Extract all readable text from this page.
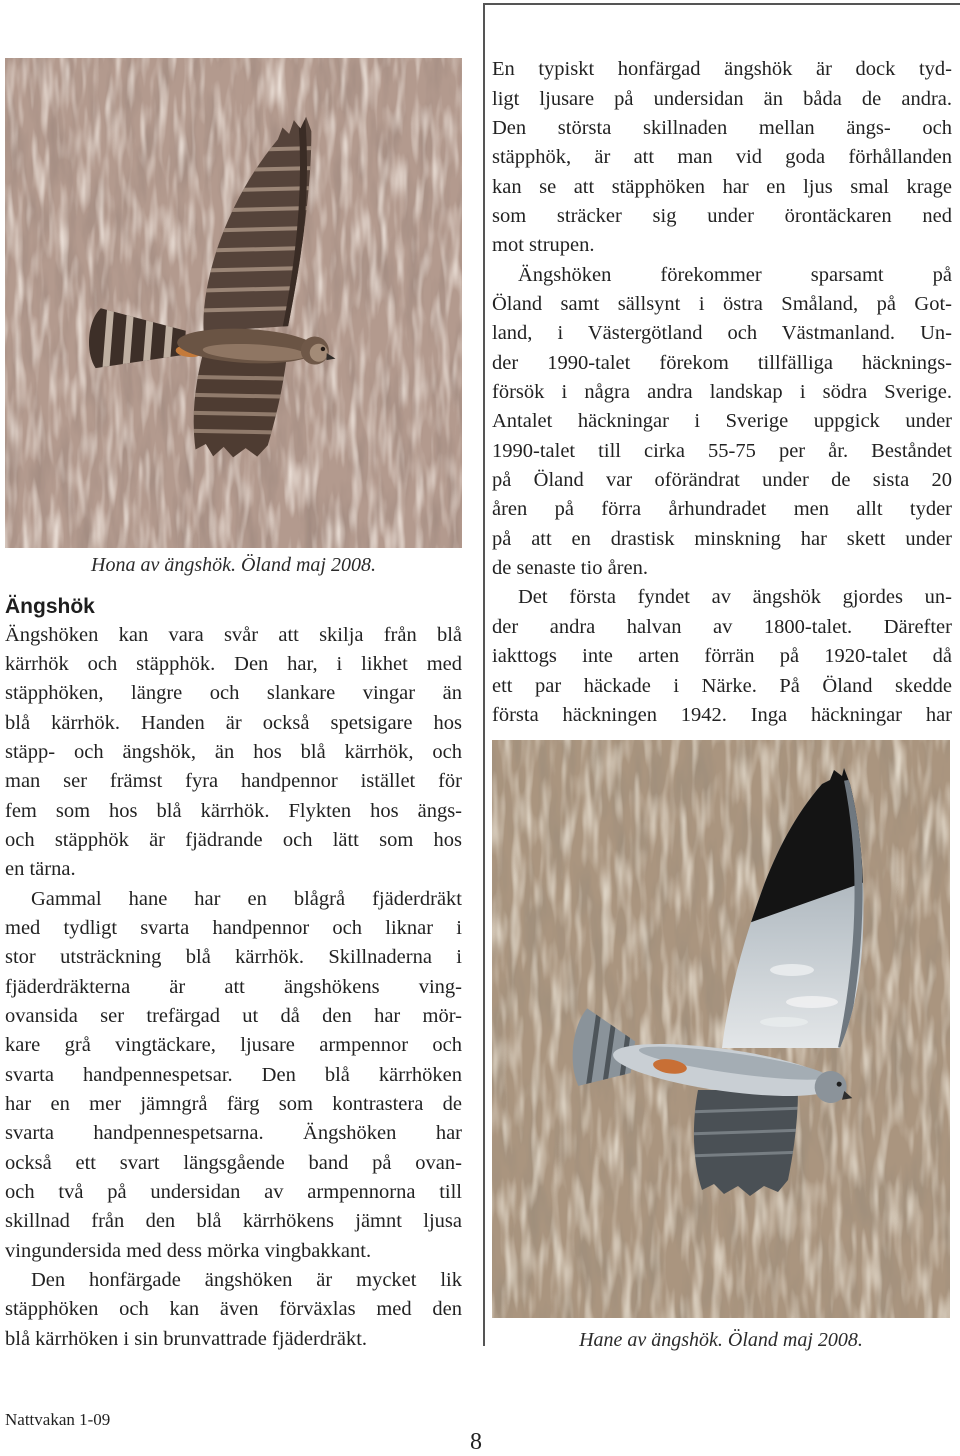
Hona av ängshök. Öland maj 2008.
Ängshök
Ängshöken kan vara svår att skilja från blå
kärrhök och stäpphök. Den har, i likhet med
stäpphöken, längre och slankare vingar än
blå kärrhök. Handen är också spetsigare hos
stäpp- och ängshök, än hos blå kärrhök, och
man ser främst fyra handpennor istället för
fem som hos blå kärrhök. Flykten hos ängs-
och stäpphök är fjädrande och lätt som hos
en tärna.
Gammal hane har en blågrå fjäderdräkt
med tydligt svarta handpennor och liknar i
stor utsträckning blå kärrhök. Skillnaderna i
fjäderdräkterna är att ängshökens ving-
ovansida ser trefärgad ut då den har mör-
kare grå vingtäckare, ljusare armpennor och
svarta handpennespetsar. Den blå kärrhöken
har en mer jämngrå färg som kontrastera de
svarta handpennespetsarna. Ängshöken har
också ett svart längsgående band på ovan-
och två på undersidan av armpennorna till
skillnad från den blå kärrhökens jämnt ljusa
vingundersida med dess mörka vingbakkant.
Den honfärgade ängshöken är mycket lik
stäpphöken och kan även förväxlas med den
blå kärrhöken i sin brunvattrade fjäderdräkt.
En typiskt honfärgad ängshök är dock tyd-
ligt ljusare på undersidan än båda de andra.
Den största skillnaden mellan ängs- och
stäpphök, är att man vid goda förhållanden
kan se att stäpphöken har en ljus smal krage
som sträcker sig under örontäckaren ned
mot strupen.
Ängshöken förekommer sparsamt på
Öland samt sällsynt i östra Småland, på Got-
land, i Västergötland och Västmanland. Un-
der 1990-talet förekom tillfälliga häcknings-
försök i några andra landskap i södra Sverige.
Antalet häckningar i Sverige uppgick under
1990-talet till cirka 55-75 per år. Beståndet
på Öland var oförändrat under de sista 20
åren på förra århundradet men allt tyder
på att en drastisk minskning har skett under
de senaste tio åren.
Det första fyndet av ängshök gjordes un-
der andra halvan av 1800-talet. Därefter
iakttogs inte arten förrän på 1920-talet då
ett par häckade i Närke. På Öland skedde
första häckningen 1942. Inga häckningar har
Hane av ängshök. Öland maj 2008.
Nattvakan 1-09
8
